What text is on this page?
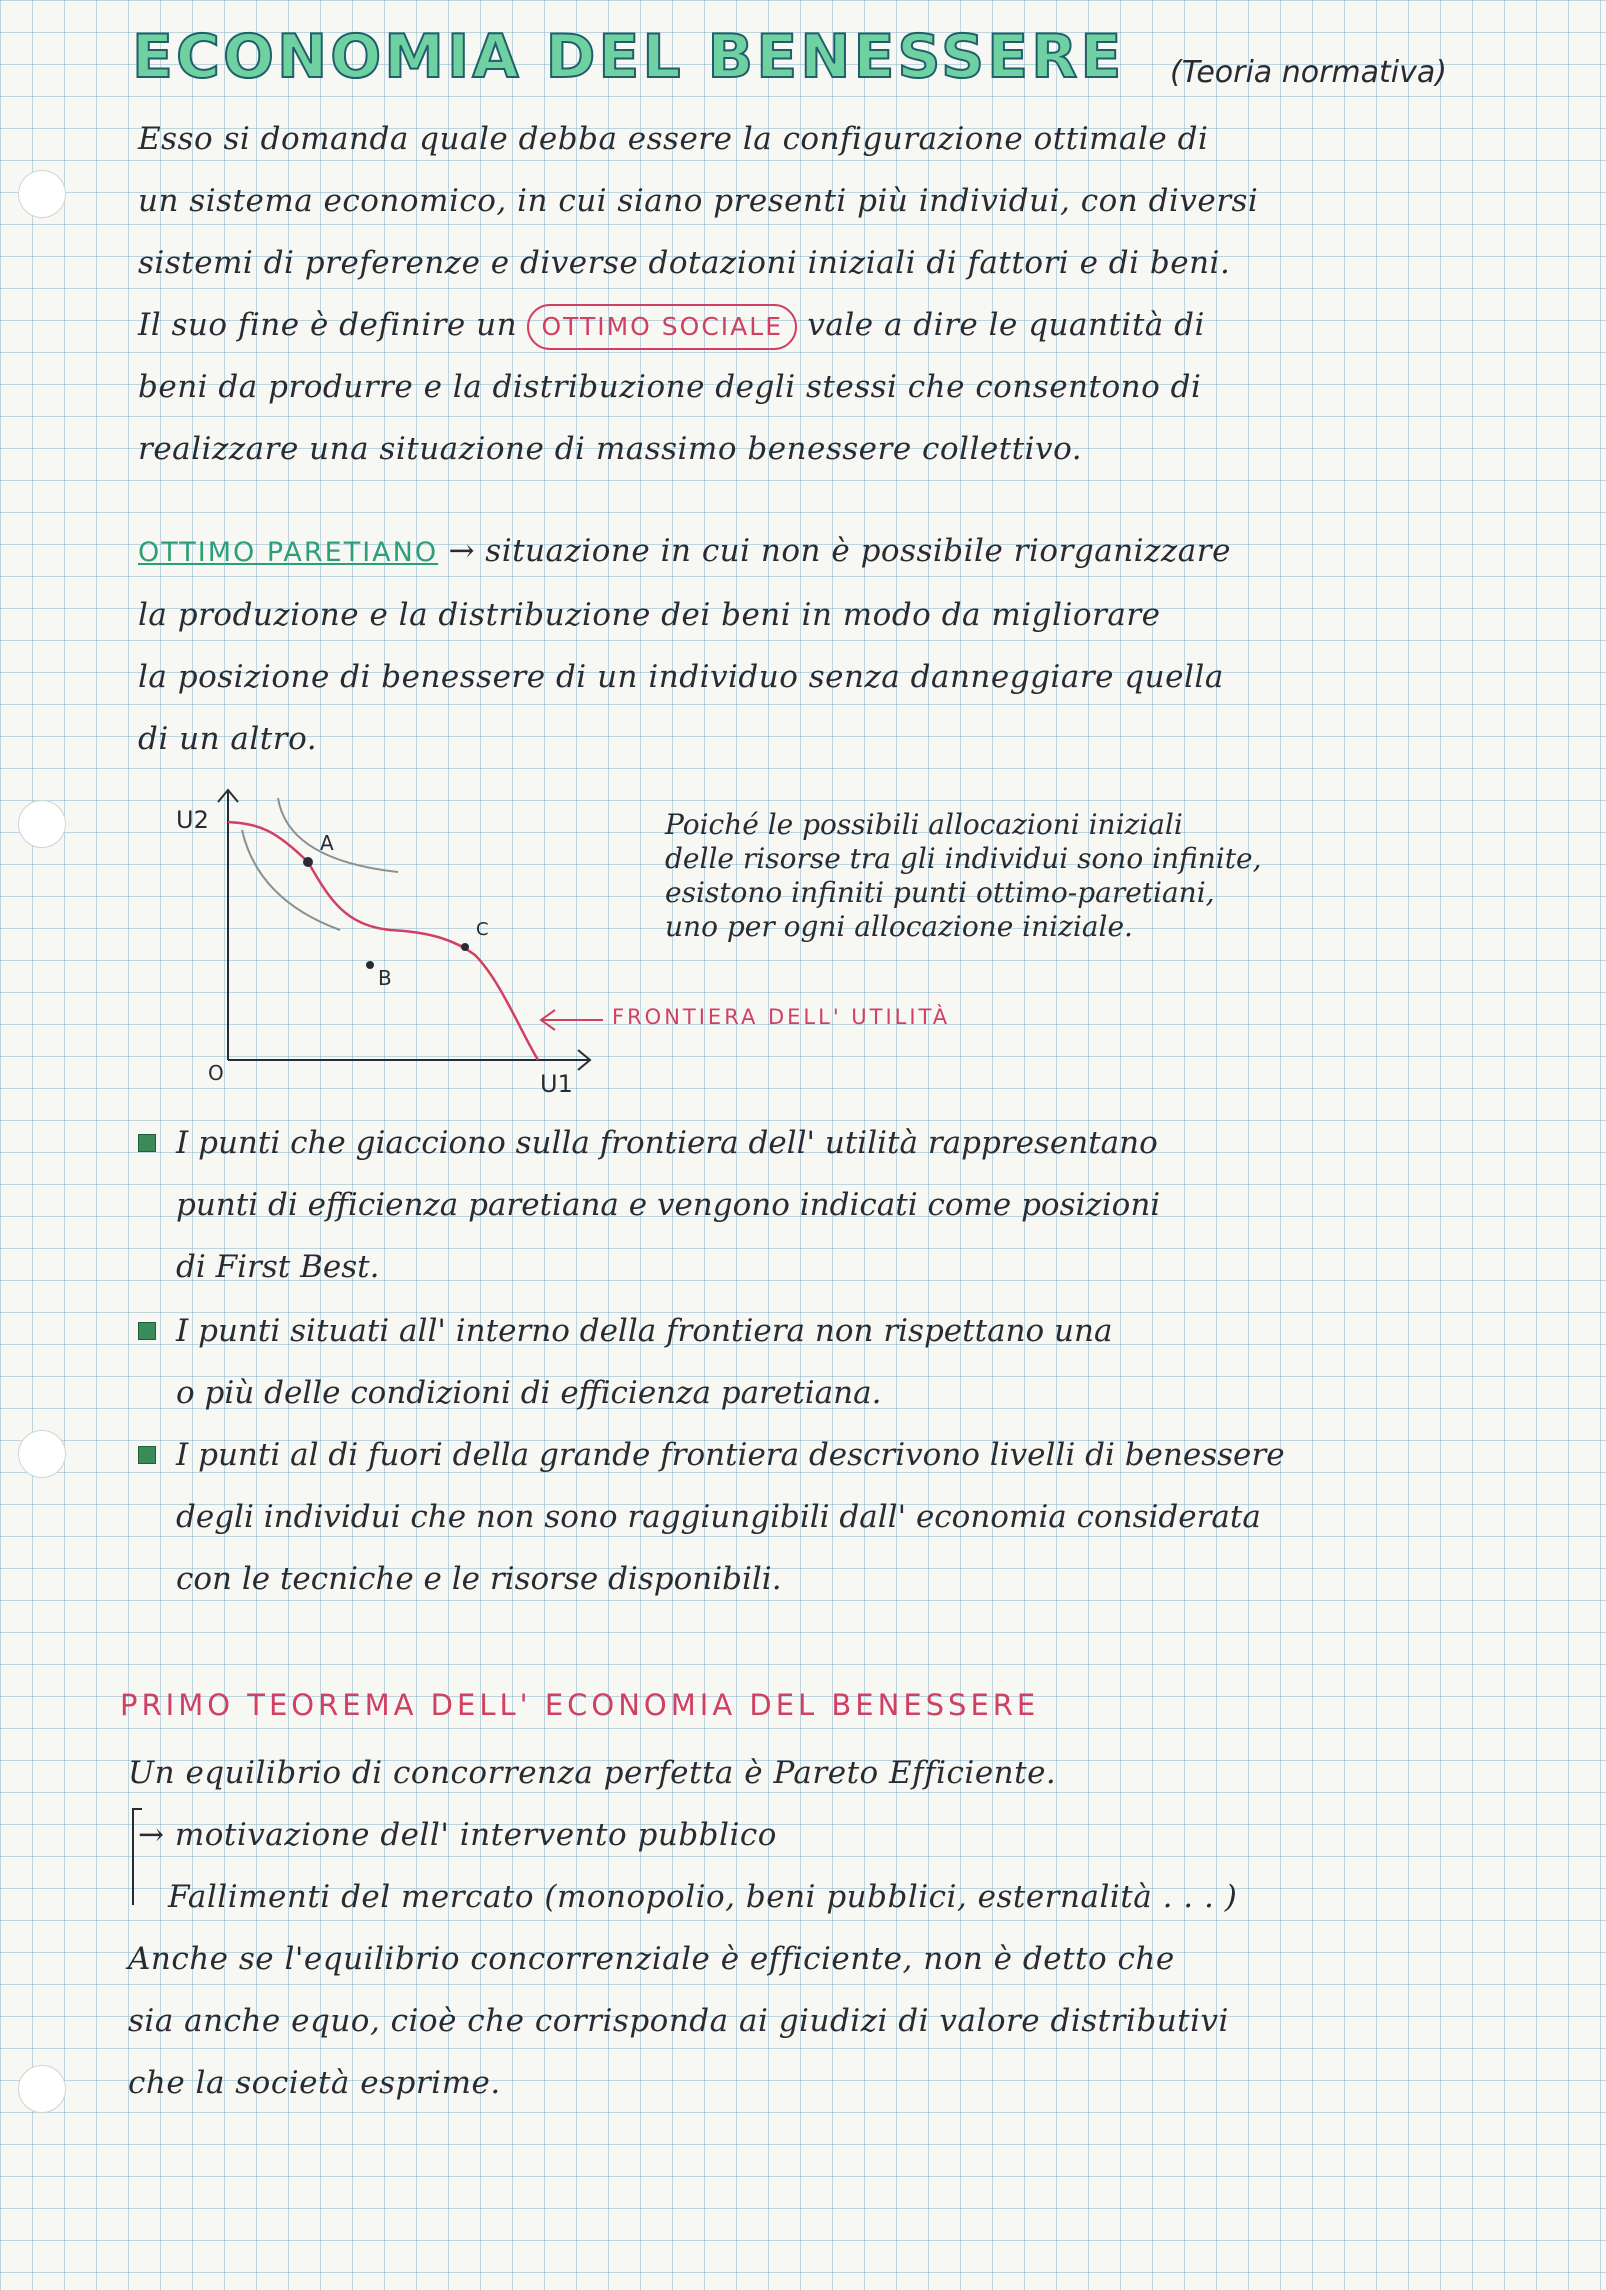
ECONOMIA DEL BENESSERE (Teoria normativa)
Esso si domanda quale debba essere la configurazione ottimale di
un sistema economico, in cui siano presenti più individui, con diversi
sistemi di preferenze e diverse dotazioni iniziali di fattori e di beni.
Il suo fine è definire un OTTIMO SOCIALE vale a dire le quantità di
beni da produrre e la distribuzione degli stessi che consentono di
realizzare una situazione di massimo benessere collettivo.
OTTIMO PARETIANO → situazione in cui non è possibile riorganizzare
la produzione e la distribuzione dei beni in modo da migliorare
la posizione di benessere di un individuo senza danneggiare quella
di un altro.
U2
U1
O
A
B
C
FRONTIERA DELL' UTILITÀ
Poiché le possibili allocazioni iniziali
delle risorse tra gli individui sono infinite,
esistono infiniti punti ottimo-paretiani,
uno per ogni allocazione iniziale.
I punti che giacciono sulla frontiera dell' utilità rappresentano
punti di efficienza paretiana e vengono indicati come posizioni
di First Best.
I punti situati all' interno della frontiera non rispettano una
o più delle condizioni di efficienza paretiana.
I punti al di fuori della grande frontiera descrivono livelli di benessere
degli individui che non sono raggiungibili dall' economia considerata
con le tecniche e le risorse disponibili.
PRIMO TEOREMA DELL' ECONOMIA DEL BENESSERE
Un equilibrio di concorrenza perfetta è Pareto Efficiente.
→ motivazione dell' intervento pubblico
Fallimenti del mercato (monopolio, beni pubblici, esternalità . . . )
Anche se l'equilibrio concorrenziale è efficiente, non è detto che
sia anche equo, cioè che corrisponda ai giudizi di valore distributivi
che la società esprime.
